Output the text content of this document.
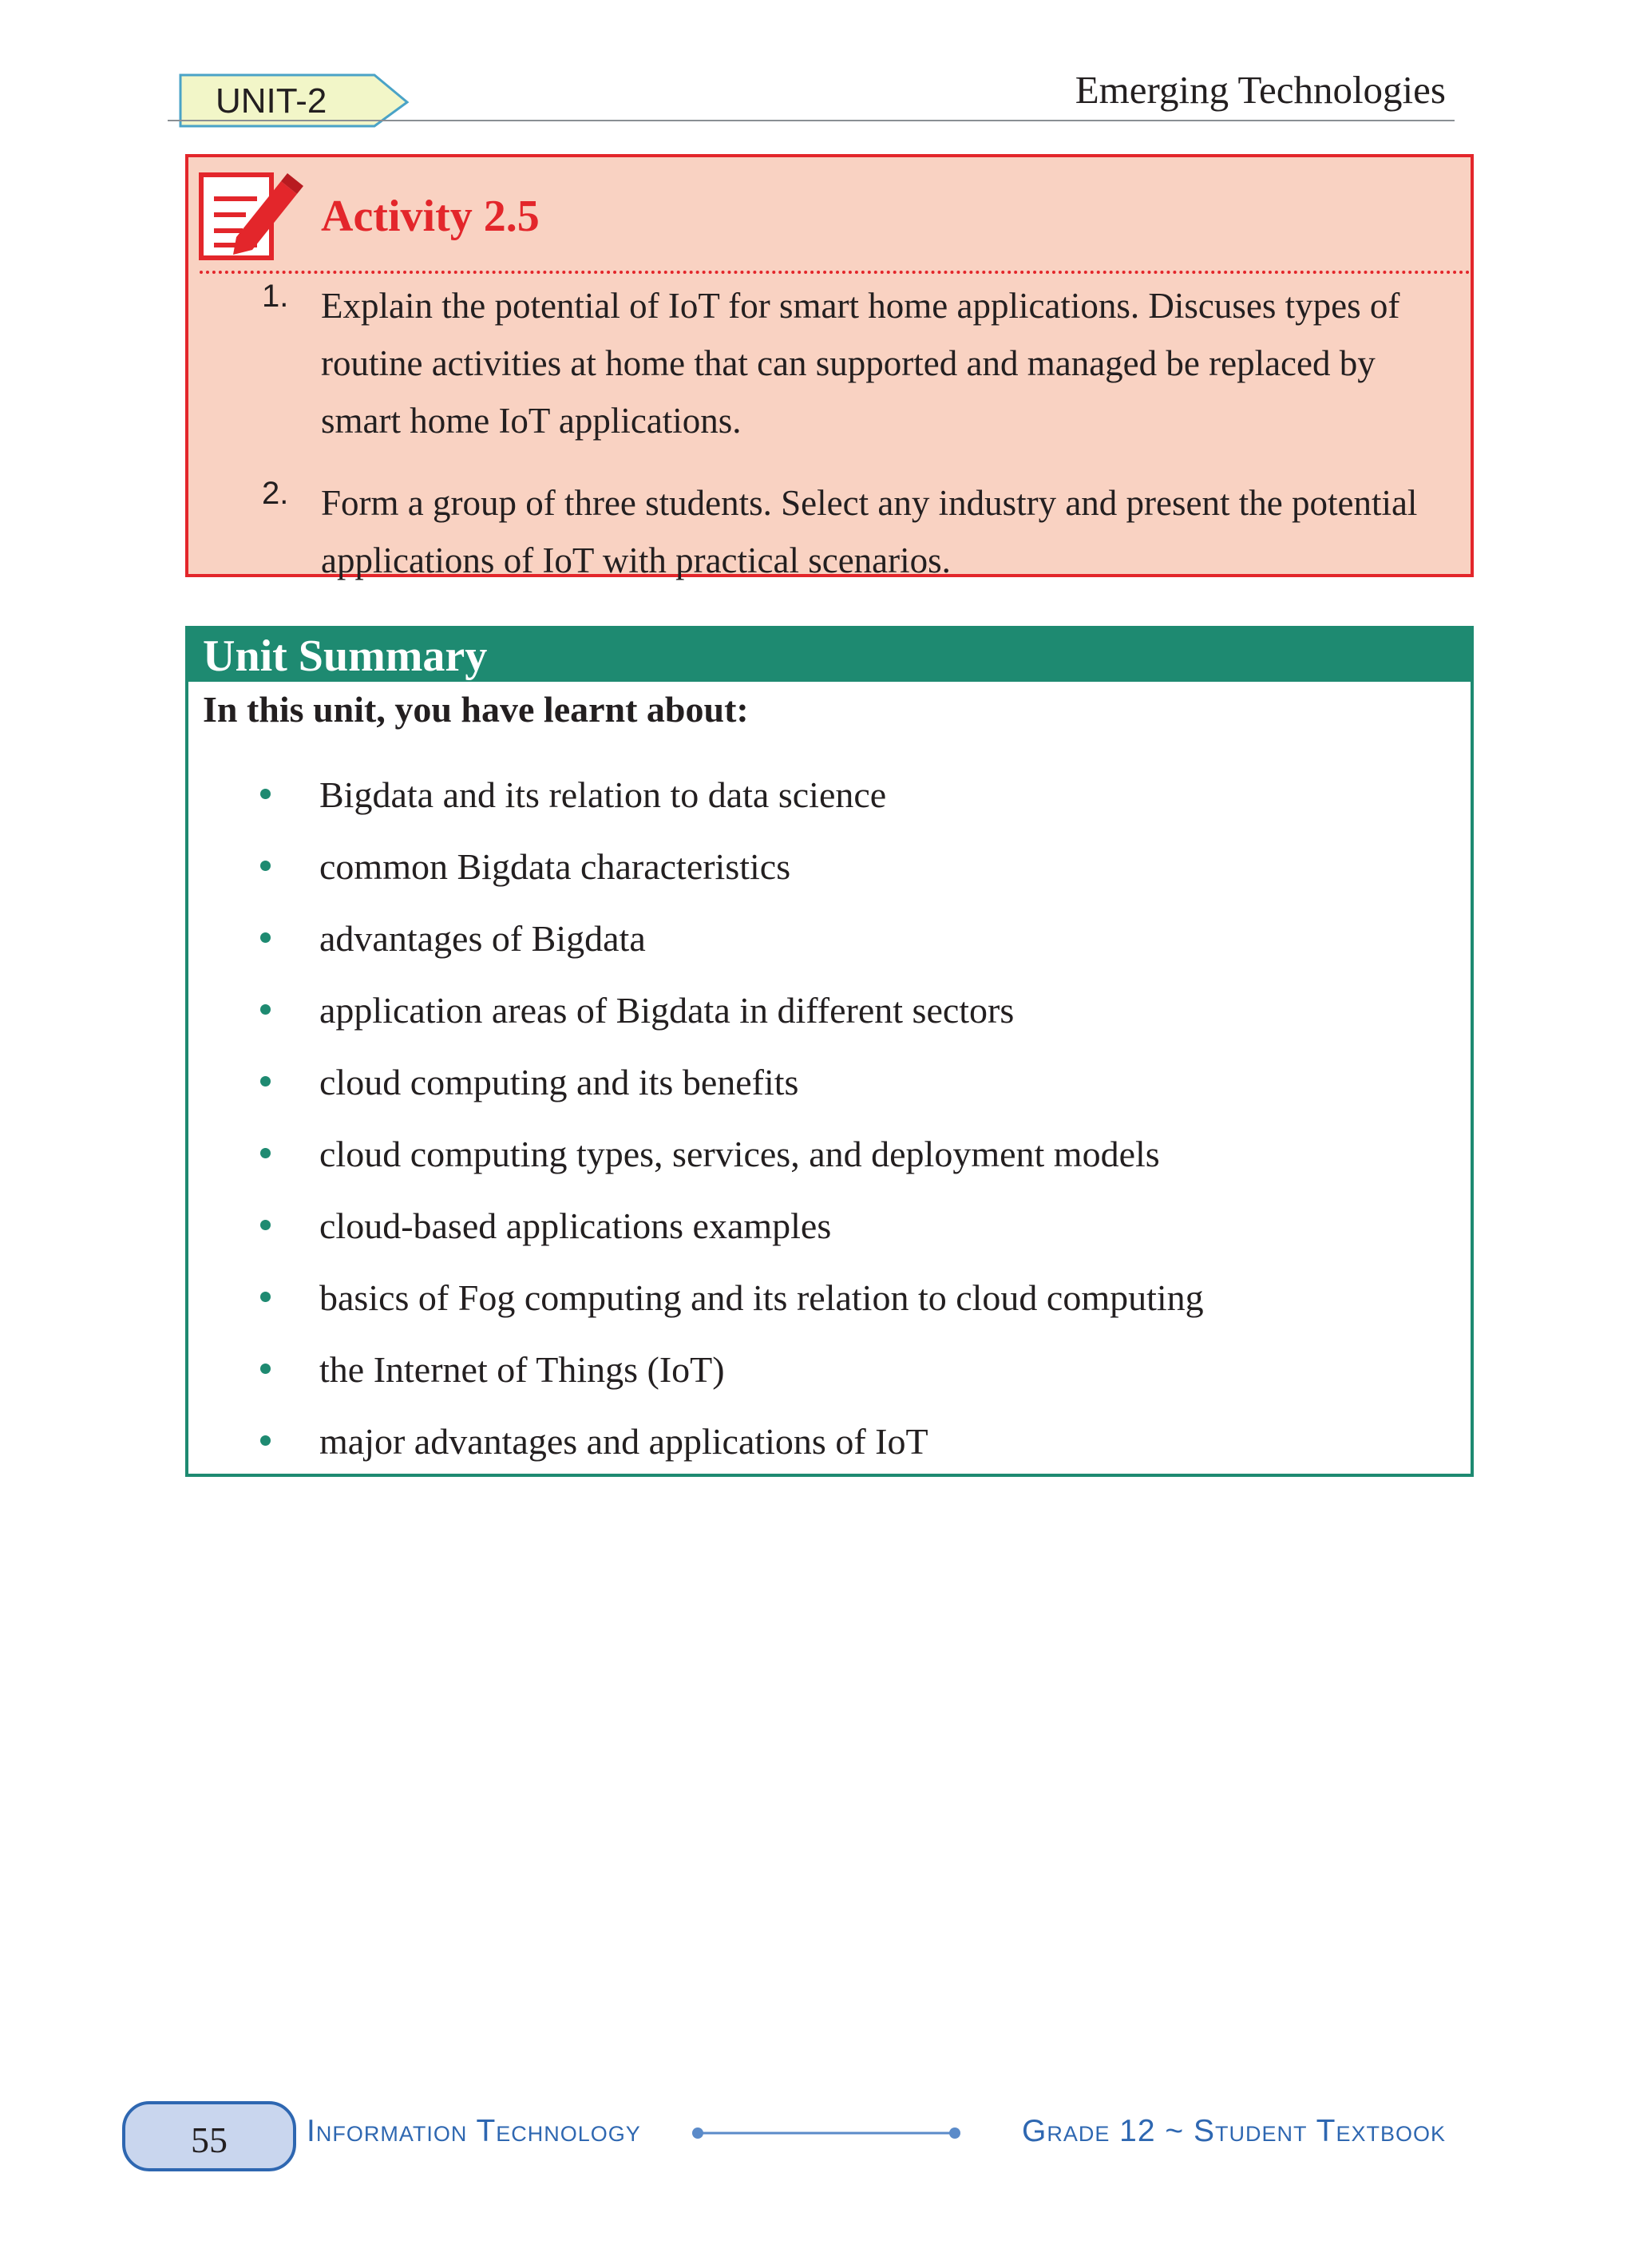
UNIT-2	Emerging Technologies
Activity 2.5
1. Explain the potential of IoT for smart home applications. Discuses types of routine activities at home that can supported and managed be replaced by smart home IoT applications.
2. Form a group of three students. Select any industry and present the potential applications of IoT with practical scenarios.
Unit Summary
In this unit, you have learnt about:
Bigdata and its relation to data science
common Bigdata characteristics
advantages of Bigdata
application areas of Bigdata in different sectors
cloud computing and its benefits
cloud computing types, services, and deployment models
cloud-based applications examples
basics of Fog computing and its relation to cloud computing
the Internet of Things (IoT)
major advantages and applications of IoT
55	Information Technology	Grade 12 ~ Student Textbook
